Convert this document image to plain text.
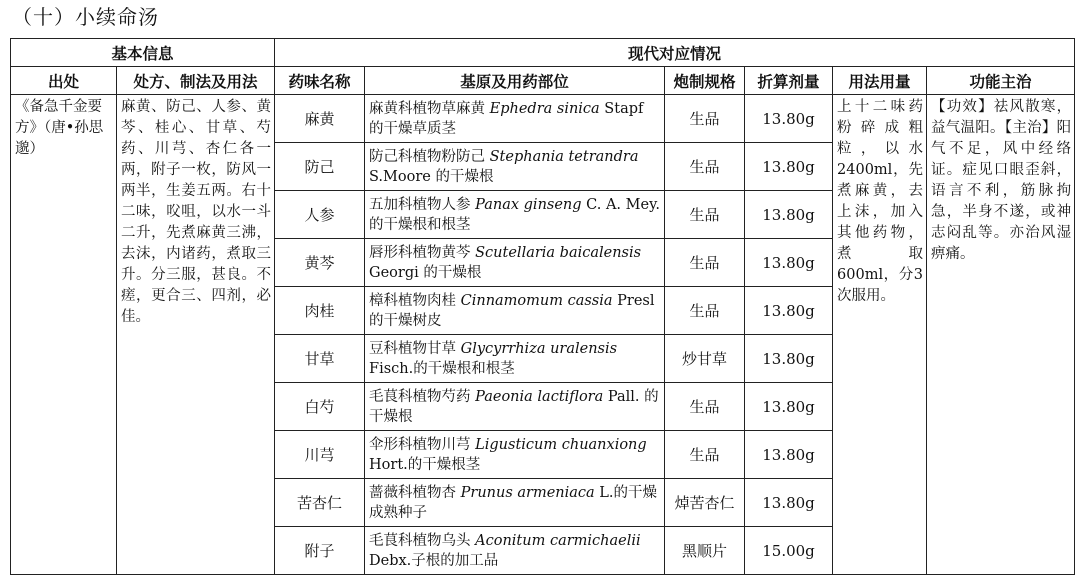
（十）小续命汤
基本信息		现代对应情况					
出处	处方、制法及用法	药味名称	基原及用药部位	炮制规格	折算剂量	用法用量	功能主治
《备急千金要方》（唐•孙思邈）	麻黄、防己、人参、黄芩、桂心、甘草、芍药、川芎、杏仁各一两，附子一枚，防风一两半，生姜五两。右十二味，㕮咀，以水一斗二升，先煮麻黄三沸，去沫，内诸药，煮取三升。分三服，甚良。不瘥，更合三、四剂，必佳。	麻黄	麻黄科植物草麻黄 Ephedra sinica Stapf 的干燥草质茎	生品	13.80g	上十二味药粉碎成粗粒，以水2400ml，先煮麻黄，去上沫，加入其他药物，煮取600ml，分3次服用。	【功效】祛风散寒，益气温阳。【主治】阳气不足，风中经络证。症见口眼歪斜，语言不利，筋脉拘急，半身不遂，或神志闷乱等。亦治风湿痹痛。
		防己	防己科植物粉防己 Stephania tetrandra S.Moore 的干燥根	生品	13.80g		
		人参	五加科植物人参 Panax ginseng C. A. Mey.的干燥根和根茎	生品	13.80g		
		黄芩	唇形科植物黄芩 Scutellaria baicalensis Georgi 的干燥根	生品	13.80g		
		肉桂	樟科植物肉桂 Cinnamomum cassia Presl 的干燥树皮	生品	13.80g		
		甘草	豆科植物甘草 Glycyrrhiza uralensis Fisch.的干燥根和根茎	炒甘草	13.80g		
		白芍	毛茛科植物芍药 Paeonia lactiflora Pall. 的干燥根	生品	13.80g		
		川芎	伞形科植物川芎 Ligusticum chuanxiong Hort.的干燥根茎	生品	13.80g		
		苦杏仁	蔷薇科植物杏 Prunus armeniaca L.的干燥成熟种子	焯苦杏仁	13.80g		
		附子	毛茛科植物乌头 Aconitum carmichaelii Debx.子根的加工品	黑顺片	15.00g		
